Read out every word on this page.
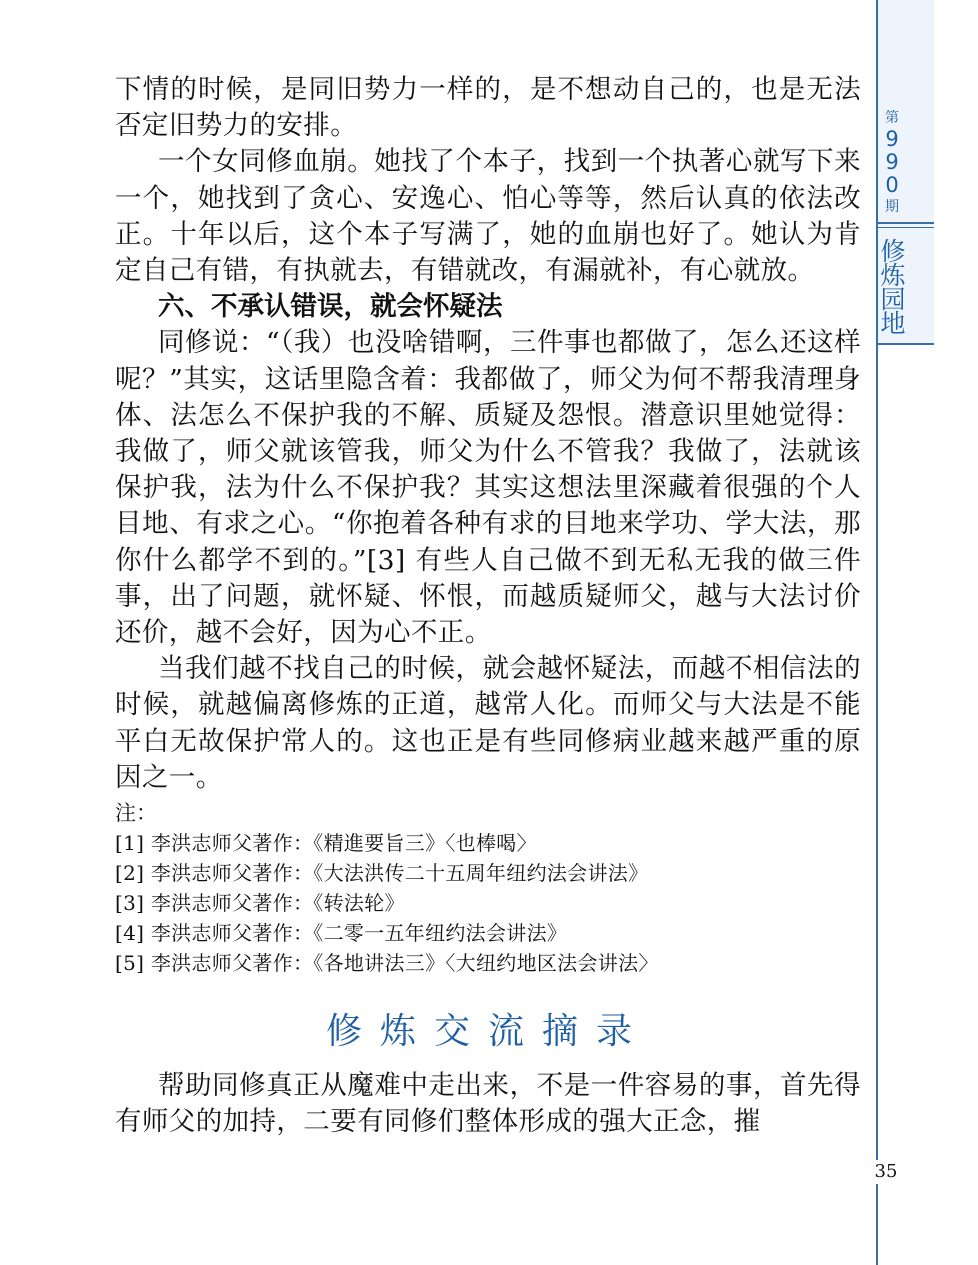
第
9
9
0
期
修
炼
园
地
35

下情的时候，是同旧势力一样的，是不想动自己的，也是无法否定旧势力的安排。

一个女同修血崩。她找了个本子，找到一个执著心就写下来一个，她找到了贪心、安逸心、怕心等等，然后认真的依法改正。十年以后，这个本子写满了，她的血崩也好了。她认为肯定自己有错，有执就去，有错就改，有漏就补，有心就放。

六、不承认错误，就会怀疑法

同修说：“（我）也没啥错啊，三件事也都做了，怎么还这样呢？”其实，这话里隐含着：我都做了，师父为何不帮我清理身体、法怎么不保护我的不解、质疑及怨恨。潜意识里她觉得：我做了，师父就该管我，师父为什么不管我？我做了，法就该保护我，法为什么不保护我？其实这想法里深藏着很强的个人目地、有求之心。“你抱着各种有求的目地来学功、学大法，那你什么都学不到的。”[3] 有些人自己做不到无私无我的做三件事，出了问题，就怀疑、怀恨，而越质疑师父，越与大法讨价还价，越不会好，因为心不正。

当我们越不找自己的时候，就会越怀疑法，而越不相信法的时候，就越偏离修炼的正道，越常人化。而师父与大法是不能平白无故保护常人的。这也正是有些同修病业越来越严重的原因之一。

注：

[1] 李洪志师父著作：《精進要旨三》〈也棒喝〉

[2] 李洪志师父著作：《大法洪传二十五周年纽约法会讲法》

[3] 李洪志师父著作：《转法轮》

[4] 李洪志师父著作：《二零一五年纽约法会讲法》

[5] 李洪志师父著作：《各地讲法三》〈大纽约地区法会讲法〉

修炼交流摘录

帮助同修真正从魔难中走出来，不是一件容易的事，首先得有师父的加持，二要有同修们整体形成的强大正念，摧
